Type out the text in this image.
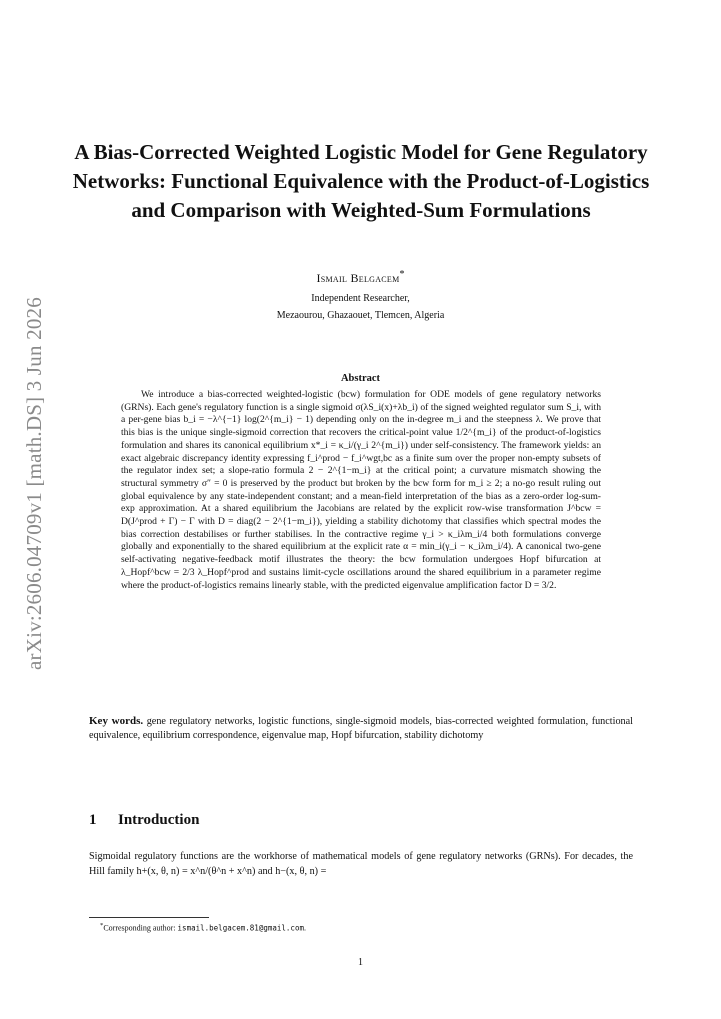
arXiv:2606.04709v1 [math.DS] 3 Jun 2026
A Bias-Corrected Weighted Logistic Model for Gene Regulatory Networks: Functional Equivalence with the Product-of-Logistics and Comparison with Weighted-Sum Formulations
Ismail Belgacem*
Independent Researcher,
Mezaourou, Ghazaouet, Tlemcen, Algeria
Abstract

We introduce a bias-corrected weighted-logistic (bcw) formulation for ODE models of gene regulatory networks (GRNs). Each gene's regulatory function is a single sigmoid σ(λS_i(x)+λb_i) of the signed weighted regulator sum S_i, with a per-gene bias b_i = −λ^{−1} log(2^{m_i} − 1) depending only on the in-degree m_i and the steepness λ. We prove that this bias is the unique single-sigmoid correction that recovers the critical-point value 1/2^{m_i} of the product-of-logistics formulation and shares its canonical equilibrium x*_i = κ_i/(γ_i 2^{m_i}) under self-consistency. The framework yields: an exact algebraic discrepancy identity expressing f_i^prod − f_i^wgt,bc as a finite sum over the proper non-empty subsets of the regulator index set; a slope-ratio formula 2 − 2^{1−m_i} at the critical point; a curvature mismatch showing the structural symmetry σ″ = 0 is preserved by the product but broken by the bcw form for m_i ≥ 2; a no-go result ruling out global equivalence by any state-independent constant; and a mean-field interpretation of the bias as a zero-order log-sum-exp approximation. At a shared equilibrium the Jacobians are related by the explicit row-wise transformation J^bcw = D(J^prod + Γ) − Γ with D = diag(2 − 2^{1−m_i}), yielding a stability dichotomy that classifies which spectral modes the bias correction destabilises or further stabilises. In the contractive regime γ_i > κ_iλm_i/4 both formulations converge globally and exponentially to the shared equilibrium at the explicit rate α = min_i(γ_i − κ_iλm_i/4). A canonical two-gene self-activating negative-feedback motif illustrates the theory: the bcw formulation undergoes Hopf bifurcation at λ_Hopf^bcw = 2/3 λ_Hopf^prod and sustains limit-cycle oscillations around the shared equilibrium in a parameter regime where the product-of-logistics remains linearly stable, with the predicted eigenvalue amplification factor D = 3/2.

Key words. gene regulatory networks, logistic functions, single-sigmoid models, bias-corrected weighted formulation, functional equivalence, equilibrium correspondence, eigenvalue map, Hopf bifurcation, stability dichotomy

1 Introduction

Sigmoidal regulatory functions are the workhorse of mathematical models of gene regulatory networks (GRNs). For decades, the Hill family h+(x, θ, n) = x^n/(θ^n + x^n) and h−(x, θ, n) =

*Corresponding author: ismail.belgacem.81@gmail.com.
1
